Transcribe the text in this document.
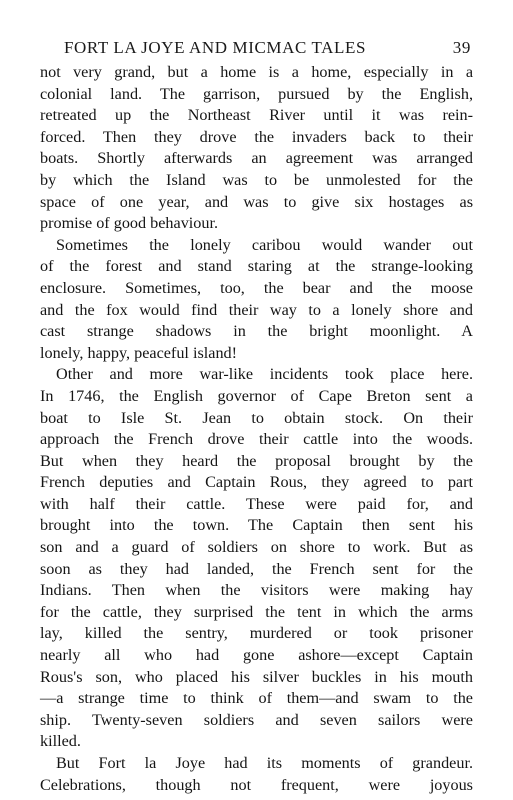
FORT LA JOYE AND MICMAC TALES	39
not very grand, but a home is a home, especially in a
colonial land. The garrison, pursued by the English,
retreated up the Northeast River until it was rein-
forced. Then they drove the invaders back to their
boats. Shortly afterwards an agreement was arranged
by which the Island was to be unmolested for the
space of one year, and was to give six hostages as
promise of good behaviour.
Sometimes the lonely caribou would wander out
of the forest and stand staring at the strange-looking
enclosure. Sometimes, too, the bear and the moose
and the fox would find their way to a lonely shore and
cast strange shadows in the bright moonlight. A
lonely, happy, peaceful island!
Other and more war-like incidents took place here.
In 1746, the English governor of Cape Breton sent a
boat to Isle St. Jean to obtain stock. On their
approach the French drove their cattle into the woods.
But when they heard the proposal brought by the
French deputies and Captain Rous, they agreed to part
with half their cattle. These were paid for, and
brought into the town. The Captain then sent his
son and a guard of soldiers on shore to work. But as
soon as they had landed, the French sent for the
Indians. Then when the visitors were making hay
for the cattle, they surprised the tent in which the arms
lay, killed the sentry, murdered or took prisoner
nearly all who had gone ashore—except Captain
Rous's son, who placed his silver buckles in his mouth
—a strange time to think of them—and swam to the
ship. Twenty-seven soldiers and seven sailors were
killed.
But Fort la Joye had its moments of grandeur.
Celebrations, though not frequent, were joyous
